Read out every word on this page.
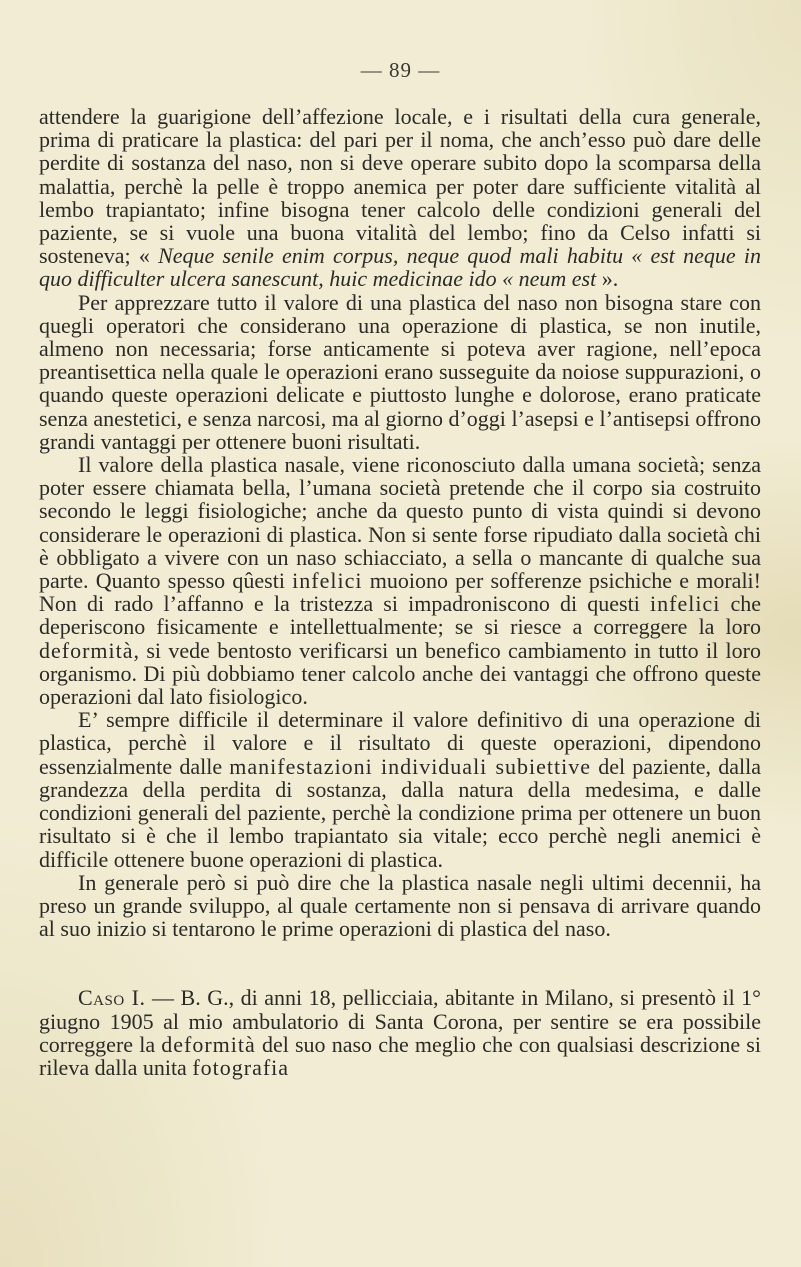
— 89 —

attendere la guarigione dell’affezione locale, e i risultati della cura generale, prima di praticare la plastica: del pari per il noma, che anch’esso può dare delle perdite di sostanza del naso, non si deve operare subito dopo la scomparsa della malattia, perchè la pelle è troppo anemica per poter dare sufficiente vitalità al lembo trapiantato; infine bisogna tener calcolo delle condizioni generali del paziente, se si vuole una buona vitalità del lembo; fino da Celso infatti si sosteneva; « Neque senile enim corpus, neque quod mali habitu « est neque in quo difficulter ulcera sanescunt, huic medicinae ido « neum est ».

Per apprezzare tutto il valore di una plastica del naso non bisogna stare con quegli operatori che considerano una operazione di plastica, se non inutile, almeno non necessaria; forse anticamente si poteva aver ragione, nell’epoca preantisettica nella quale le operazioni erano susseguite da noiose suppurazioni, o quando queste operazioni delicate e piuttosto lunghe e dolorose, erano praticate senza anestetici, e senza narcosi, ma al giorno d’oggi l’asepsi e l’antisepsi offrono grandi vantaggi per ottenere buoni risultati.

Il valore della plastica nasale, viene riconosciuto dalla umana società; senza poter essere chiamata bella, l’umana società pretende che il corpo sia costruito secondo le leggi fisiologiche; anche da questo punto di vista quindi si devono considerare le operazioni di plastica. Non si sente forse ripudiato dalla società chi è obbligato a vivere con un naso schiacciato, a sella o mancante di qualche sua parte. Quanto spesso qûesti infelici muoiono per sofferenze psichiche e morali! Non di rado l’affanno e la tristezza si impadroniscono di questi infelici che deperiscono fisicamente e intellettualmente; se si riesce a correggere la loro deformità, si vede bentosto verificarsi un benefico cambiamento in tutto il loro organismo. Di più dobbiamo tener calcolo anche dei vantaggi che offrono queste operazioni dal lato fisiologico.

E’ sempre difficile il determinare il valore definitivo di una operazione di plastica, perchè il valore e il risultato di queste operazioni, dipendono essenzialmente dalle manifestazioni individuali subiettive del paziente, dalla grandezza della perdita di sostanza, dalla natura della medesima, e dalle condizioni generali del paziente, perchè la condizione prima per ottenere un buon risultato si è che il lembo trapiantato sia vitale; ecco perchè negli anemici è difficile ottenere buone operazioni di plastica.

In generale però si può dire che la plastica nasale negli ultimi decennii, ha preso un grande sviluppo, al quale certamente non si pensava di arrivare quando al suo inizio si tentarono le prime operazioni di plastica del naso.

Caso I. — B. G., di anni 18, pellicciaia, abitante in Milano, si presentò il 1° giugno 1905 al mio ambulatorio di Santa Corona, per sentire se era possibile correggere la deformità del suo naso che meglio che con qualsiasi descrizione si rileva dalla unita fotografia
